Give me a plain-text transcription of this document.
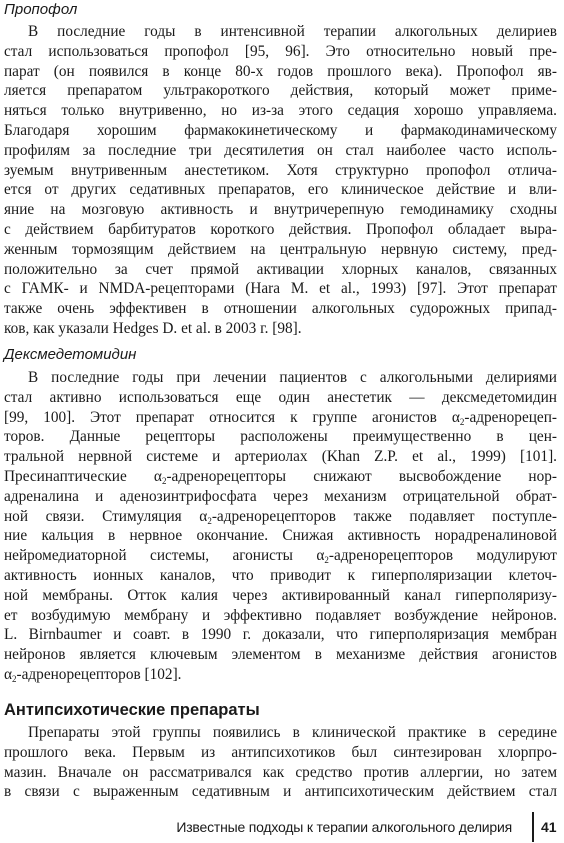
Пропофол
В последние годы в интенсивной терапии алкогольных делириев
стал использоваться пропофол [95, 96]. Это относительно новый пре-
парат (он появился в конце 80-х годов прошлого века). Пропофол яв-
ляется препаратом ультракороткого действия, который может приме-
няться только внутривенно, но из-за этого седация хорошо управляема.
Благодаря хорошим фармакокинетическому и фармакодинамическому
профилям за последние три десятилетия он стал наиболее часто исполь-
зуемым внутривенным анестетиком. Хотя структурно пропофол отлича-
ется от других седативных препаратов, его клиническое действие и вли-
яние на мозговую активность и внутричерепную гемодинамику сходны
с действием барбитуратов короткого действия. Пропофол обладает выра-
женным тормозящим действием на центральную нервную систему, пред-
положительно за счет прямой активации хлорных каналов, связанных
с ГАМК- и NMDA-рецепторами (Hara M. et al., 1993) [97]. Этот препарат
также очень эффективен в отношении алкогольных судорожных припад-
ков, как указали Hedges D. et al. в 2003 г. [98].
Дексмедетомидин
В последние годы при лечении пациентов с алкогольными делириями
стал активно использоваться еще один анестетик — дексмедетомидин
[99, 100]. Этот препарат относится к группе агонистов $\alpha_2-адренорецеп-$
торов. Данные рецепторы расположены преимущественно в цен-
тральной нервной системе и артериолах (Khan Z.P. et al., 1999) [101].
Пресинаптические $\alpha_2$-адренорецепторы снижают высвобождение нор-
адреналина и аденозинтрифосфата через механизм отрицательной обрат-
ной связи. Стимуляция $\alpha_2$-адренорецепторов также подавляет поступле-
ние кальция в нервное окончание. Снижая активность норадреналиновой
нейромедиаторной системы, агонисты $\alpha_2$-адренорецепторов модулируют
активность ионных каналов, что приводит к гиперполяризации клеточ-
ной мембраны. Отток калия через активированный канал гиперполяризу-
ет возбудимую мембрану и эффективно подавляет возбуждение нейронов.
L. Birnbaumer и соавт. в 1990 г. доказали, что гиперполяризация мембран
нейронов является ключевым элементом в механизме действия агонистов
$\alpha_2$-адренорецепторов [102].
Антипсихотические препараты
Препараты этой группы появились в клинической практике в середине
прошлого века. Первым из антипсихотиков был синтезирован хлорпро-
мазин. Вначале он рассматривался как средство против аллергии, но затем
в связи с выраженным седативным и антипсихотическим действием стал
Известные подходы к терапии алкогольного делирия 41
